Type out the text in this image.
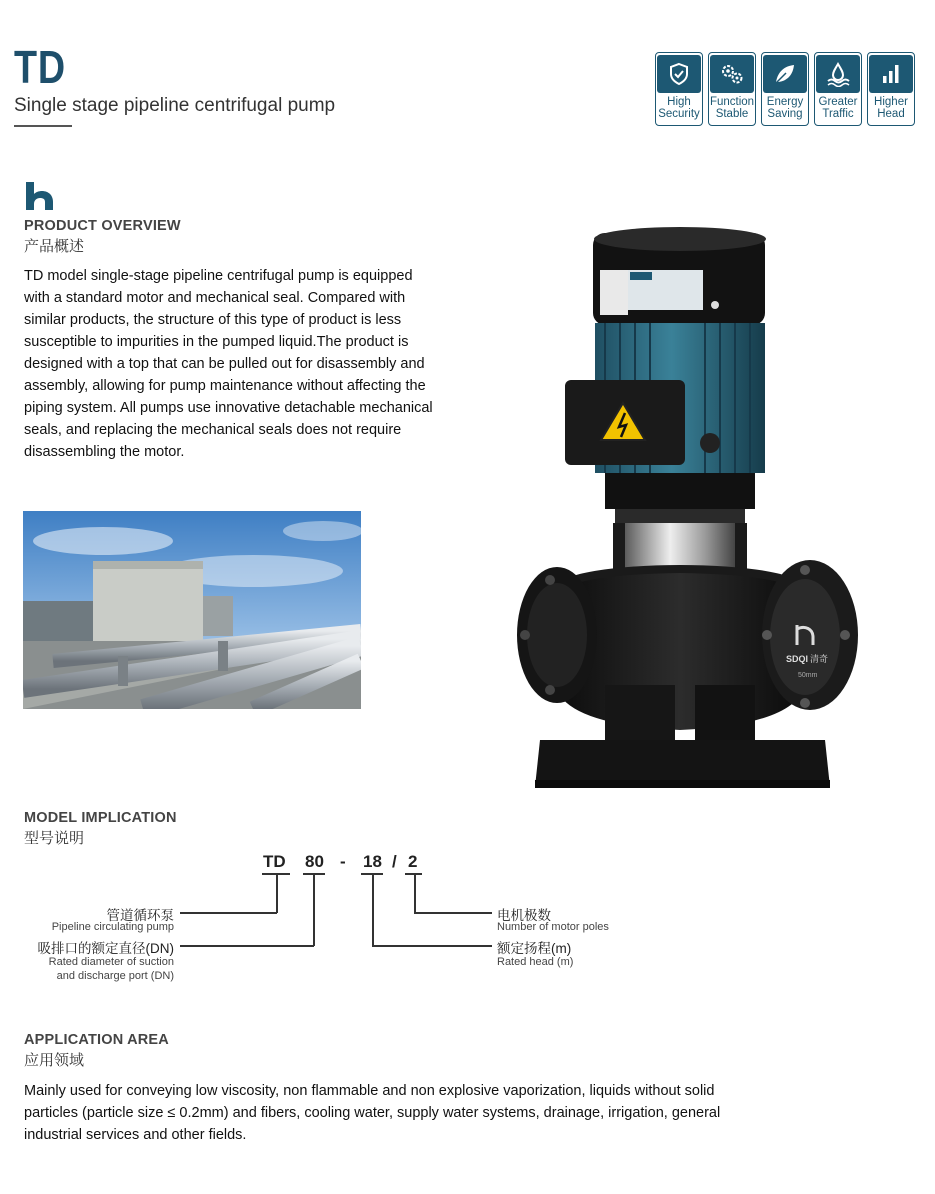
TD
Single stage pipeline centrifugal pump	High
Security
Function
Stable
Energy
Saving
Greater
Traffic
Higher
Head
PRODUCT OVERVIEW
产品概述
TD model single-stage pipeline centrifugal pump is equipped with a standard motor and mechanical seal. Compared with similar products, the structure of this type of product is less susceptible to impurities in the pumped liquid.The product is designed with a top that can be pulled out for disassembly and assembly, allowing for pump maintenance without affecting the piping system. All pumps use innovative detachable mechanical seals, and replacing the mechanical seals does not require disassembling the motor.
SDQI 清奇
50mm
MODEL IMPLICATION
型号说明
TD 80 - 18 / 2
管道循环泵
Pipeline circulating pump
吸排口的额定直径(DN)
Rated diameter of suction
and discharge port (DN)
电机极数
Number of motor poles
额定扬程(m)
Rated head (m)
APPLICATION AREA
应用领域
Mainly used for conveying low viscosity, non flammable and non explosive vaporization, liquids without solid particles (particle size ≤ 0.2mm) and fibers, cooling water, supply water systems, drainage, irrigation, general industrial services and other fields.
